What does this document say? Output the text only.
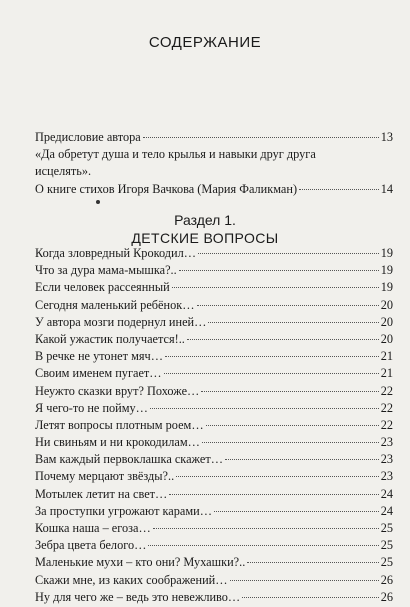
СОДЕРЖАНИЕ
Предисловие автора	13
«Да обретут душа и тело крылья и навыки друг друга
исцелять».
О книге стихов Игоря Вачкова (Мария Фаликман)	14
Раздел 1.
ДЕТСКИЕ ВОПРОСЫ
Когда зловредный Крокодил…	19
Что за дура мама-мышка?..	19
Если человек рассеянный	19
Сегодня маленький ребёнок…	20
У автора мозги подернул иней…	20
Какой ужастик получается!..	20
В речке не утонет мяч…	21
Своим именем пугает…	21
Неужто сказки врут? Похоже…	22
Я чего-то не пойму…	22
Летят вопросы плотным роем…	22
Ни свиньям и ни крокодилам…	23
Вам каждый первоклашка скажет…	23
Почему мерцают звёзды?..	23
Мотылек летит на свет…	24
За проступки угрожают карами…	24
Кошка наша – егоза…	25
Зебра цвета белого…	25
Маленькие мухи – кто они? Мухашки?..	25
Скажи мне, из каких соображений…	26
Ну для чего же – ведь это невежливо…	26
